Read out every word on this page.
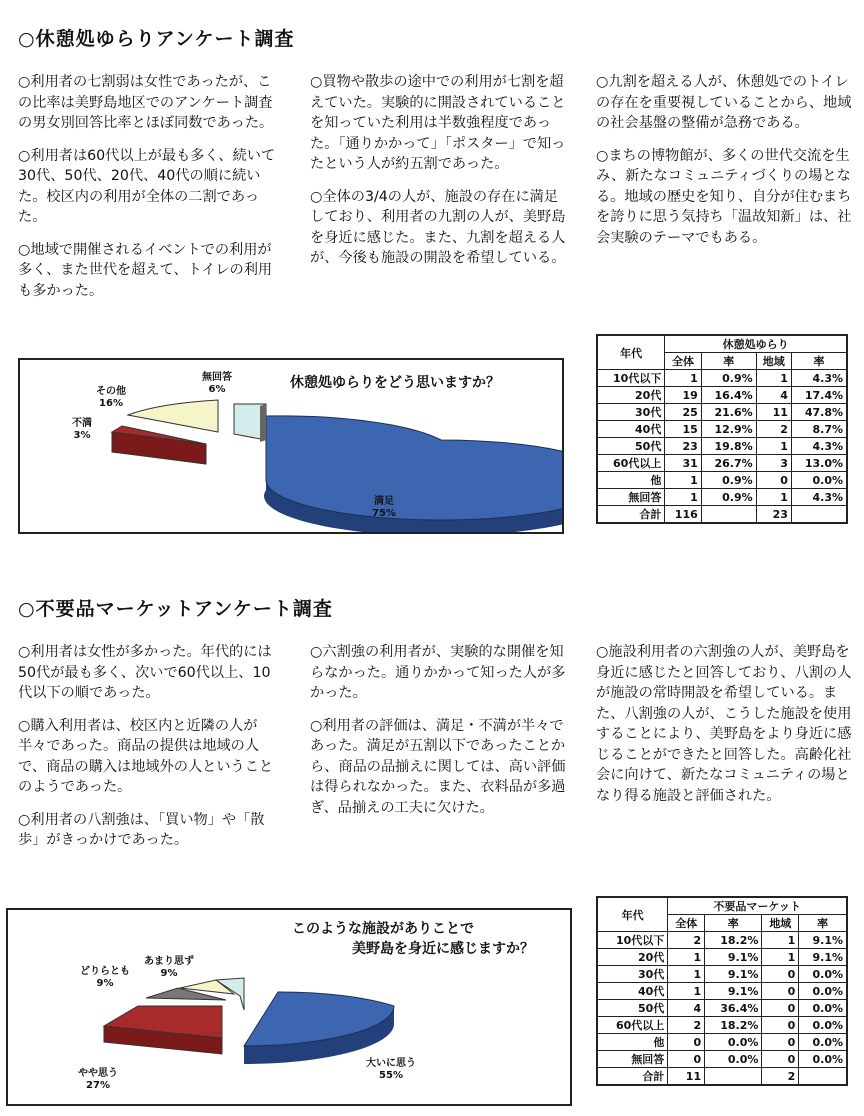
○休憩処ゆらりアンケート調査

○利用者の七割弱は女性であったが、この比率は美野島地区でのアンケート調査の男女別回答比率とほぼ同数であった。

○利用者は60代以上が最も多く、続いて30代、50代、20代、40代の順に続いた。校区内の利用が全体の二割であった。

○地域で開催されるイベントでの利用が多く、また世代を超えて、トイレの利用も多かった。

○買物や散歩の途中での利用が七割を超えていた。実験的に開設されていることを知っていた利用は半数強程度であった。「通りかかって」「ポスター」で知ったという人が約五割であった。

○全体の3/4の人が、施設の存在に満足しており、利用者の九割の人が、美野島を身近に感じた。また、九割を超える人が、今後も施設の開設を希望している。

○九割を超える人が、休憩処でのトイレの存在を重要視していることから、地域の社会基盤の整備が急務である。

○まちの博物館が、多くの世代交流を生み、新たなコミュニティづくりの場となる。地域の歴史を知り、自分が住むまちを誇りに思う気持ち「温故知新」は、社会実験のテーマでもある。

休憩処ゆらりをどう思いますか？
満足
75%
不満
3%
その他
16%
無回答
6%
年代	休憩処ゆらり			
	全体	率	地域	率
10代以下	1	0.9%	1	4.3%
20代	19	16.4%	4	17.4%
30代	25	21.6%	11	47.8%
40代	15	12.9%	2	8.7%
50代	23	19.8%	1	4.3%
60代以上	31	26.7%	3	13.0%
他	1	0.9%	0	0.0%
無回答	1	0.9%	1	4.3%
合計	116		23	
○不要品マーケットアンケート調査

○利用者は女性が多かった。年代的には50代が最も多く、次いで60代以上、10代以下の順であった。

○購入利用者は、校区内と近隣の人が半々であった。商品の提供は地域の人で、商品の購入は地域外の人ということのようであった。

○利用者の八割強は、「買い物」や「散歩」がきっかけであった。

○六割強の利用者が、実験的な開催を知らなかった。通りかかって知った人が多かった。

○利用者の評価は、満足・不満が半々であった。満足が五割以下であったことから、商品の品揃えに関しては、高い評価は得られなかった。また、衣料品が多過ぎ、品揃えの工夫に欠けた。

○施設利用者の六割強の人が、美野島を身近に感じたと回答しており、八割の人が施設の常時開設を希望している。また、八割強の人が、こうした施設を使用することにより、美野島をより身近に感じることができたと回答した。高齢化社会に向けて、新たなコミュニティの場となり得る施設と評価された。

このような施設がありことで
美野島を身近に感じますか？
大いに思う
55%
やや思う
27%
どりらとも
9%
あまり思ず
9%
年代	不要品マーケット			
	全体	率	地域	率
10代以下	2	18.2%	1	9.1%
20代	1	9.1%	1	9.1%
30代	1	9.1%	0	0.0%
40代	1	9.1%	0	0.0%
50代	4	36.4%	0	0.0%
60代以上	2	18.2%	0	0.0%
他	0	0.0%	0	0.0%
無回答	0	0.0%	0	0.0%
合計	11		2	
